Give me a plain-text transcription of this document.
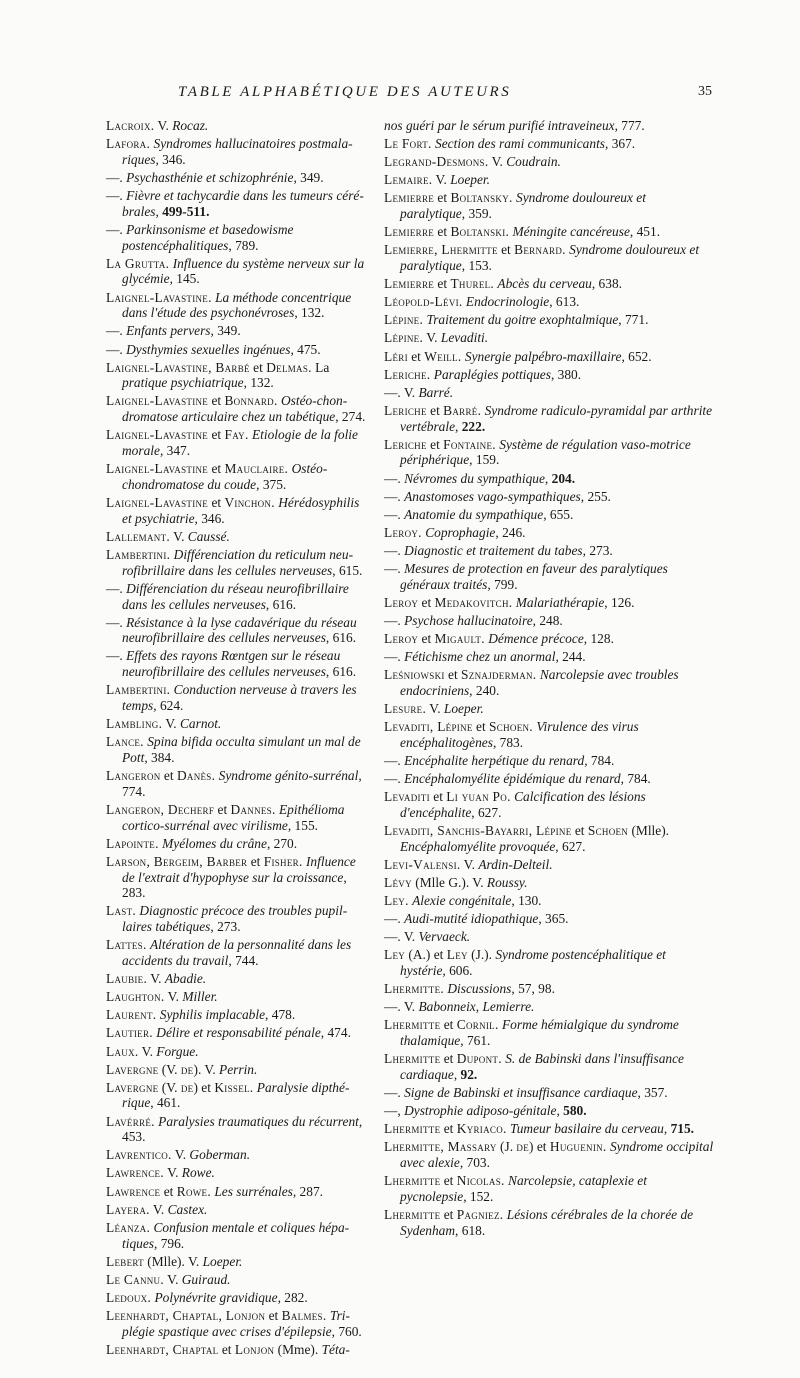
TABLE ALPHABÉTIQUE DES AUTEURS	35
Lacroix. V. Rocaz.
Lafora. Syndromes hallucinatoires postmalariques, 346.
—. Psychasthénie et schizophrénie, 349.
—. Fièvre et tachycardie dans les tumeurs cérébrales, 499-511.
—. Parkinsonisme et basedowisme postencéphalitiques, 789.
La Grutta. Influence du système nerveux sur la glycémie, 145.
Laignel-Lavastine. La méthode concentrique dans l'étude des psychonévroses, 132.
—. Enfants pervers, 349.
—. Dysthymies sexuelles ingénues, 475.
Laignel-Lavastine, Barbé et Delmas. La pratique psychiatrique, 132.
Laignel-Lavastine et Bonnard. Ostéo-chondromatose articulaire chez un tabétique, 274.
Laignel-Lavastine et Fay. Etiologie de la folie morale, 347.
Laignel-Lavastine et Mauclaire. Ostéochondromatose du coude, 375.
Laignel-Lavastine et Vinchon. Hérédosyphilis et psychiatrie, 346.
Lallemant. V. Caussé.
Lambertini. Différenciation du reticulum neurofibrillaire dans les cellules nerveuses, 615.
—. Différenciation du réseau neurofibrillaire dans les cellules nerveuses, 616.
—. Résistance à la lyse cadavérique du réseau neurofibrillaire des cellules nerveuses, 616.
—. Effets des rayons Rœntgen sur le réseau neurofibrillaire des cellules nerveuses, 616.
Lambertini. Conduction nerveuse à travers les temps, 624.
Lambling. V. Carnot.
Lance. Spina bifida occulta simulant un mal de Pott, 384.
Langeron et Danès. Syndrome génito-surrénal, 774.
Langeron, Decherf et Dannes. Epithélioma cortico-surrénal avec virilisme, 155.
Lapointe. Myélomes du crâne, 270.
Larson, Bergeim, Barber et Fisher. Influence de l'extrait d'hypophyse sur la croissance, 283.
Last. Diagnostic précoce des troubles pupillaires tabétiques, 273.
Lattes. Altération de la personnalité dans les accidents du travail, 744.
Laubie. V. Abadie.
Laughton. V. Miller.
Laurent. Syphilis implacable, 478.
Lautier. Délire et responsabilité pénale, 474.
Laux. V. Forgue.
Lavergne (V. de). V. Perrin.
Lavergne (V. de) et Kissel. Paralysie dipthérique, 461.
Lavérré. Paralysies traumatiques du récurrent, 453.
Lavrentico. V. Goberman.
Lawrence. V. Rowe.
Lawrence et Rowe. Les surrénales, 287.
Layera. V. Castex.
Léanza. Confusion mentale et coliques hépatiques, 796.
Lebert (Mlle). V. Loeper.
Le Cannu. V. Guiraud.
Ledoux. Polynévrite gravidique, 282.
Leenhardt, Chaptal, Lonjon et Balmes. Triplégie spastique avec crises d'épilepsie, 760.
Leenhardt, Chaptal et Lonjon (Mme). Téta-
nos guéri par le sérum purifié intraveineux, 777.
Le Fort. Section des rami communicants, 367.
Legrand-Desmons. V. Coudrain.
Lemaire. V. Loeper.
Lemierre et Boltansky. Syndrome douloureux et paralytique, 359.
Lemierre et Boltanski. Méningite cancéreuse, 451.
Lemierre, Lhermitte et Bernard. Syndrome douloureux et paralytique, 153.
Lemierre et Thurel. Abcès du cerveau, 638.
Léopold-Lévi. Endocrinologie, 613.
Lépine. Traitement du goitre exophtalmique, 771.
Lépine. V. Levaditi.
Léri et Weill. Synergie palpébro-maxillaire, 652.
Leriche. Paraplégies pottiques, 380.
—. V. Barré.
Leriche et Barré. Syndrome radiculo-pyramidal par arthrite vertébrale, 222.
Leriche et Fontaine. Système de régulation vaso-motrice périphérique, 159.
—. Névromes du sympathique, 204.
—. Anastomoses vago-sympathiques, 255.
—. Anatomie du sympathique, 655.
Leroy. Coprophagie, 246.
—. Diagnostic et traitement du tabes, 273.
—. Mesures de protection en faveur des paralytiques généraux traités, 799.
Leroy et Medakovitch. Malariathérapie, 126.
—. Psychose hallucinatoire, 248.
Leroy et Migault. Démence précoce, 128.
—. Fétichisme chez un anormal, 244.
Leśniowski et Sznajderman. Narcolepsie avec troubles endocriniens, 240.
Lesure. V. Loeper.
Levaditi, Lépine et Schoen. Virulence des virus encéphalitogènes, 783.
—. Encéphalite herpétique du renard, 784.
—. Encéphalomyélite épidémique du renard, 784.
Levaditi et Li yuan Po. Calcification des lésions d'encéphalite, 627.
Levaditi, Sanchis-Bayarri, Lépine et Schoen (Mlle). Encéphalomyélite provoquée, 627.
Levi-Valensi. V. Ardin-Delteil.
Lévy (Mlle G.). V. Roussy.
Ley. Alexie congénitale, 130.
—. Audi-mutité idiopathique, 365.
—. V. Vervaeck.
Ley (A.) et Ley (J.). Syndrome postencéphalitique et hystérie, 606.
Lhermitte. Discussions, 57, 98.
—. V. Babonneix, Lemierre.
Lhermitte et Cornil. Forme hémialgique du syndrome thalamique, 761.
Lhermitte et Dupont. S. de Babinski dans l'insuffisance cardiaque, 92.
—. Signe de Babinski et insuffisance cardiaque, 357.
—, Dystrophie adiposo-génitale, 580.
Lhermitte et Kyriaco. Tumeur basilaire du cerveau, 715.
Lhermitte, Massary (J. de) et Huguenin. Syndrome occipital avec alexie, 703.
Lhermitte et Nicolas. Narcolepsie, cataplexie et pycnolepsie, 152.
Lhermitte et Pagniez. Lésions cérébrales de la chorée de Sydenham, 618.
